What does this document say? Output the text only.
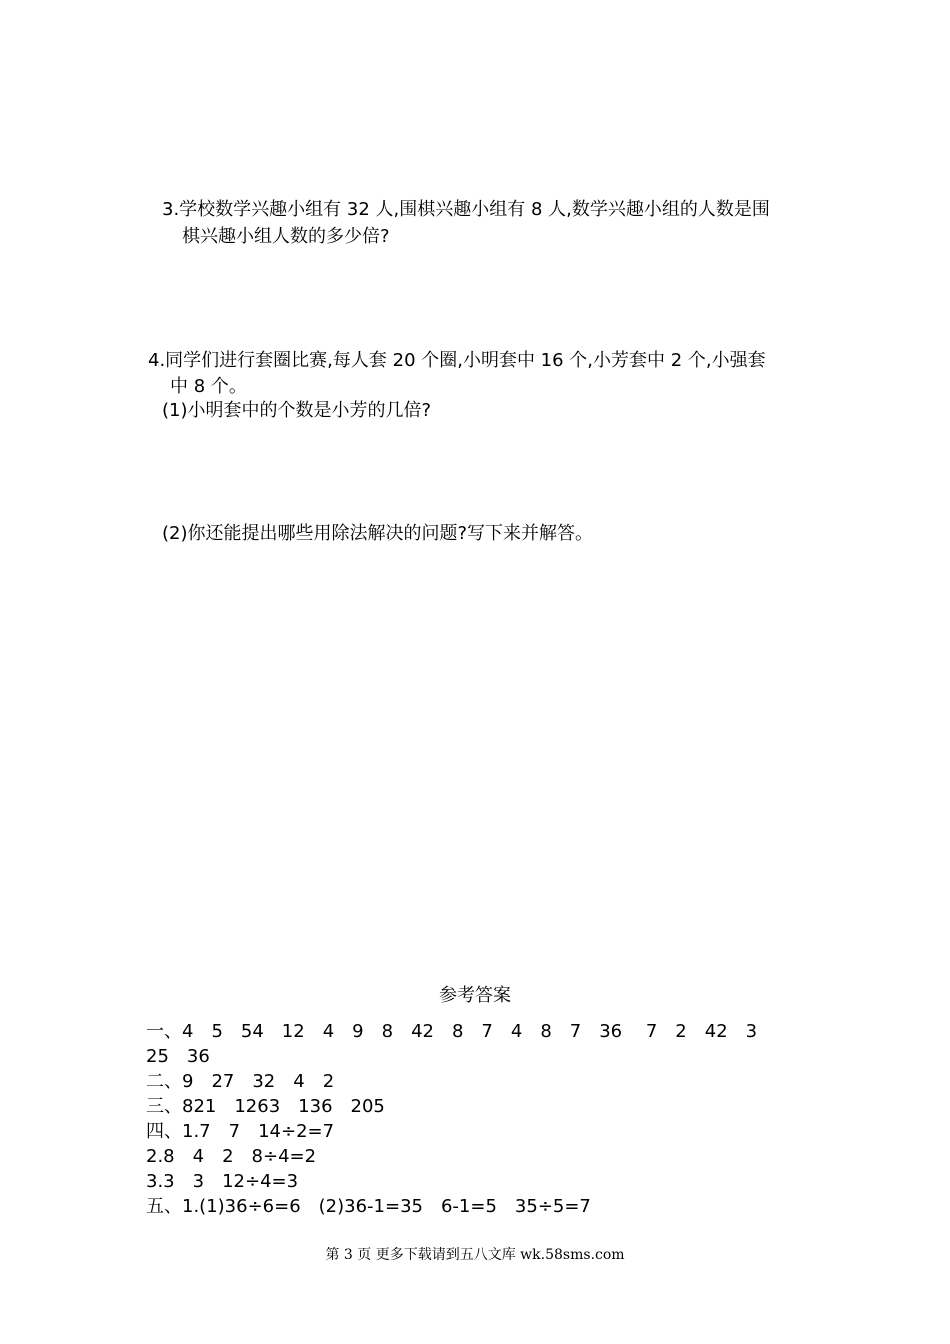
3.学校数学兴趣小组有 32 人,围棋兴趣小组有 8 人,数学兴趣小组的人数是围
棋兴趣小组人数的多少倍?
4.同学们进行套圈比赛,每人套 20 个圈,小明套中 16 个,小芳套中 2 个,小强套
中 8 个。
(1)小明套中的个数是小芳的几倍?
(2)你还能提出哪些用除法解决的问题?写下来并解答。
参考答案
一、4　5　54　12　4　9　8　42　8　7　4　8　7　36　 7　2　42　3
25　36
二、9　27　32　4　2
三、821　1263　136　205
四、1.7　7　14÷2=7
2.8　4　2　8÷4=2
3.3　3　12÷4=3
五、1.(1)36÷6=6　(2)36-1=35　6-1=5　35÷5=7
第 3 页 更多下载请到五八文库 wk.58sms.com
